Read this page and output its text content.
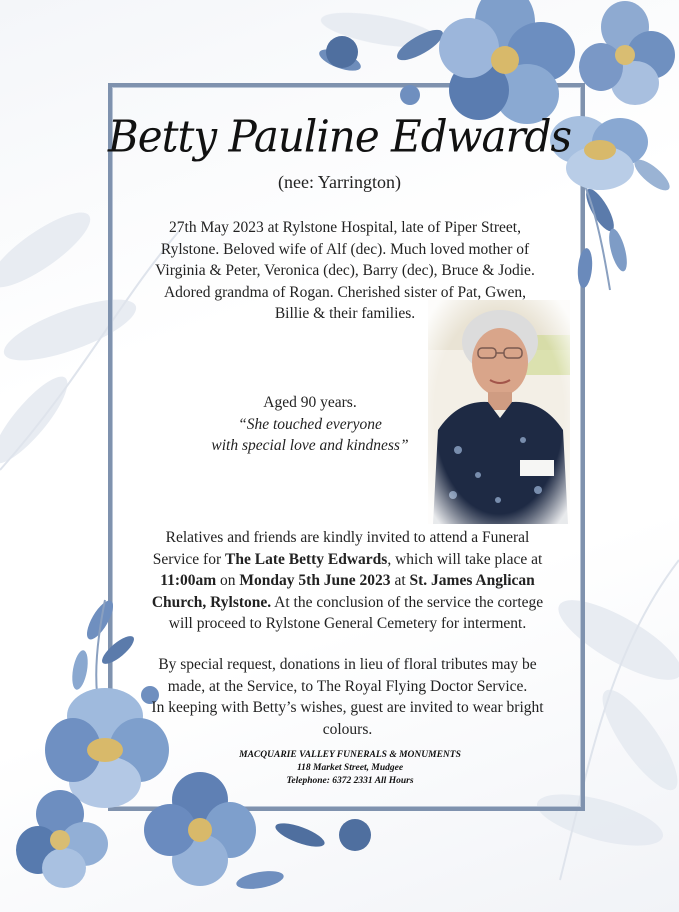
Betty Pauline Edwards
(nee: Yarrington)
27th May 2023 at Rylstone Hospital, late of Piper Street,
Rylstone. Beloved wife of Alf (dec). Much loved mother of
Virginia & Peter, Veronica (dec), Barry (dec), Bruce & Jodie.
Adored grandma of Rogan. Cherished sister of Pat, Gwen,
Billie & their families.
Aged 90 years.
“She touched everyone
with special love and kindness”
Relatives and friends are kindly invited to attend a Funeral
Service for The Late Betty Edwards, which will take place at
11:00am on Monday 5th June 2023 at St. James Anglican
Church, Rylstone. At the conclusion of the service the cortege
will proceed to Rylstone General Cemetery for interment.
By special request, donations in lieu of floral tributes may be
made, at the Service, to The Royal Flying Doctor Service.
In keeping with Betty’s wishes, guest are invited to wear bright
colours.
MACQUARIE VALLEY FUNERALS & MONUMENTS
118 Market Street, Mudgee
Telephone: 6372 2331 All Hours
